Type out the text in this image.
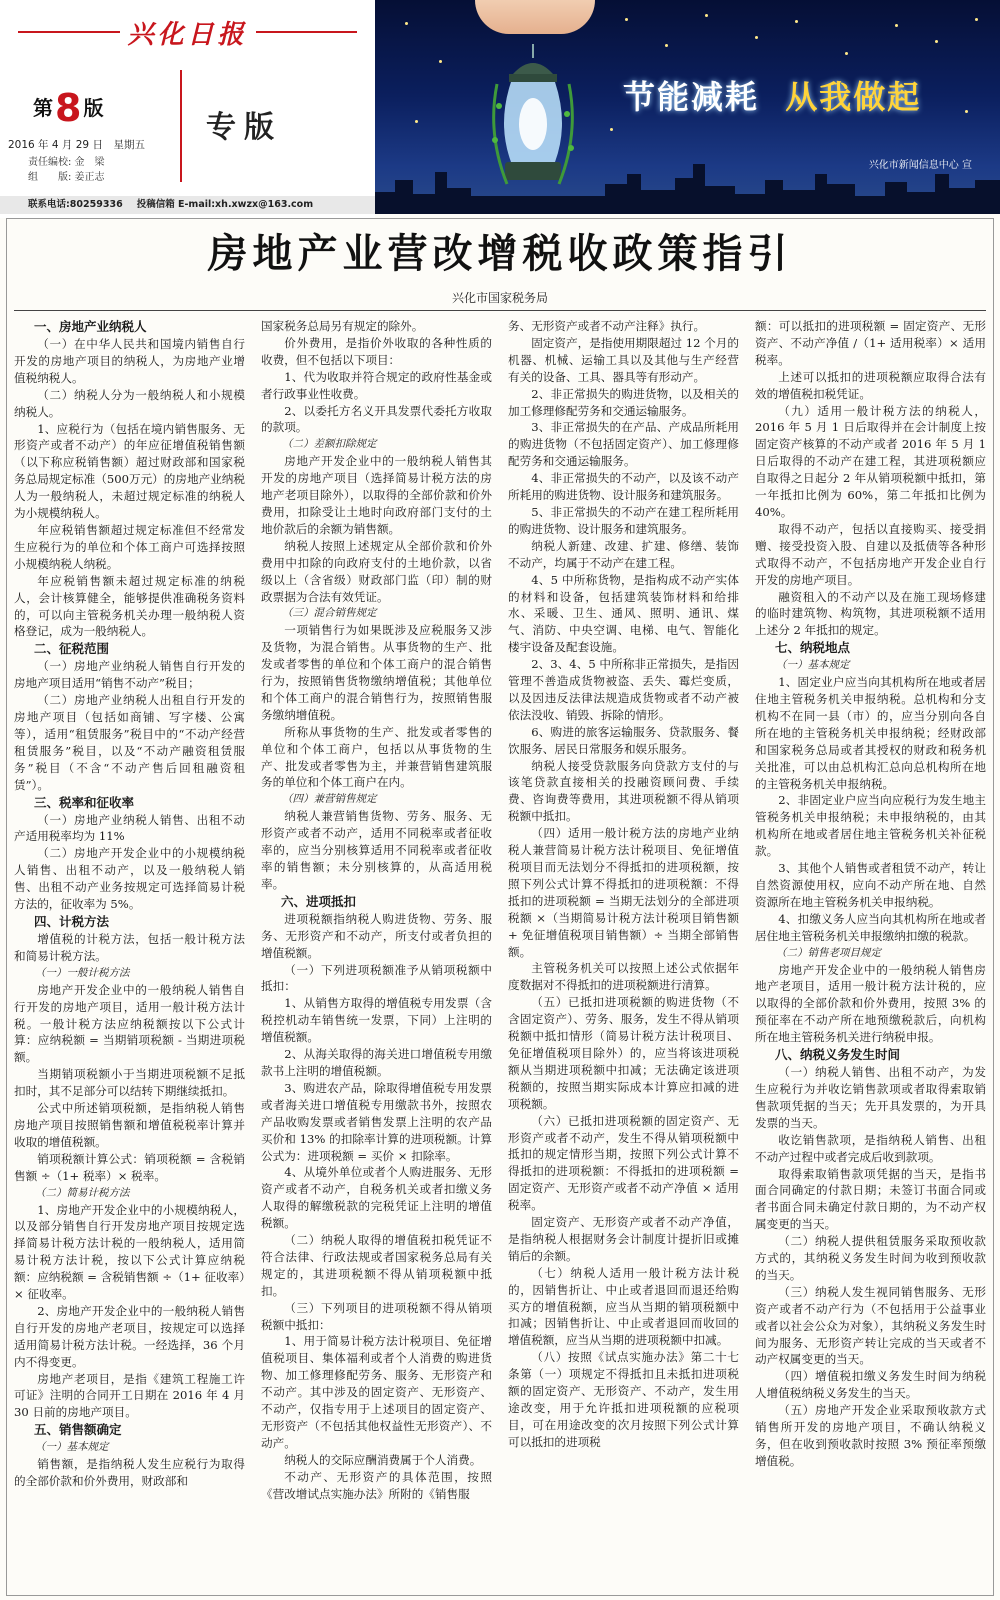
兴化日报
第8 版
专版
2016 年 4 月 29 日　星期五
责任编校: 金　梁
组　　版: 姜正志
联系电话:80259336 投稿信箱 E-mail:xh.xwzx@163.com
节能减耗 从我做起
兴化市新闻信息中心 宣
房地产业营改增税收政策指引
兴化市国家税务局
一、房地产业纳税人

（一）在中华人民共和国境内销售自行开发的房地产项目的纳税人，为房地产业增值税纳税人。

（二）纳税人分为一般纳税人和小规模纳税人。

1、应税行为（包括在境内销售服务、无形资产或者不动产）的年应征增值税销售额（以下称应税销售额）超过财政部和国家税务总局规定标准（500万元）的房地产业纳税人为一般纳税人，未超过规定标准的纳税人为小规模纳税人。

年应税销售额超过规定标准但不经常发生应税行为的单位和个体工商户可选择按照小规模纳税人纳税。

年应税销售额未超过规定标准的纳税人，会计核算健全，能够提供准确税务资料的，可以向主管税务机关办理一般纳税人资格登记，成为一般纳税人。

二、征税范围

（一）房地产业纳税人销售自行开发的房地产项目适用“销售不动产”税目；

（二）房地产业纳税人出租自行开发的房地产项目（包括如商铺、写字楼、公寓等），适用“租赁服务”税目中的“不动产经营租赁服务”税目，以及“不动产融资租赁服务”税目（不含“不动产售后回租融资租赁”）。

三、税率和征收率

（一）房地产业纳税人销售、出租不动产适用税率均为 11%

（二）房地产开发企业中的小规模纳税人销售、出租不动产，以及一般纳税人销售、出租不动产业务按规定可选择简易计税方法的，征收率为 5%。

四、计税方法

增值税的计税方法，包括一般计税方法和简易计税方法。

（一）一般计税方法

房地产开发企业中的一般纳税人销售自行开发的房地产项目，适用一般计税方法计税。一般计税方法应纳税额按以下公式计算：应纳税额 = 当期销项税额 - 当期进项税额。

当期销项税额小于当期进项税额不足抵扣时，其不足部分可以结转下期继续抵扣。

公式中所述销项税额，是指纳税人销售房地产项目按照销售额和增值税税率计算并收取的增值税额。

销项税额计算公式：销项税额 = 含税销售额 ÷（1+ 税率）× 税率。

（二）简易计税方法

1、房地产开发企业中的小规模纳税人，以及部分销售自行开发房地产项目按规定选择简易计税方法计税的一般纳税人，适用简易计税方法计税，按以下公式计算应纳税额：应纳税额 = 含税销售额 ÷（1+ 征收率）× 征收率。

2、房地产开发企业中的一般纳税人销售自行开发的房地产老项目，按规定可以选择适用简易计税方法计税。一经选择，36 个月内不得变更。

房地产老项目，是指《建筑工程施工许可证》注明的合同开工日期在 2016 年 4 月 30 日前的房地产项目。

五、销售额确定
（一）基本规定

销售额，是指纳税人发生应税行为取得的全部价款和价外费用，财政部和

国家税务总局另有规定的除外。

价外费用，是指价外收取的各种性质的收费，但不包括以下项目：

1、代为收取并符合规定的政府性基金或者行政事业性收费。

2、以委托方名义开具发票代委托方收取的款项。

（二）差额扣除规定

房地产开发企业中的一般纳税人销售其开发的房地产项目（选择简易计税方法的房地产老项目除外），以取得的全部价款和价外费用，扣除受让土地时向政府部门支付的土地价款后的余额为销售额。

纳税人按照上述规定从全部价款和价外费用中扣除的向政府支付的土地价款，以省级以上（含省级）财政部门监（印）制的财政票据为合法有效凭证。

（三）混合销售规定

一项销售行为如果既涉及应税服务又涉及货物，为混合销售。从事货物的生产、批发或者零售的单位和个体工商户的混合销售行为，按照销售货物缴纳增值税；其他单位和个体工商户的混合销售行为，按照销售服务缴纳增值税。

所称从事货物的生产、批发或者零售的单位和个体工商户，包括以从事货物的生产、批发或者零售为主，并兼营销售建筑服务的单位和个体工商户在内。

（四）兼营销售规定

纳税人兼营销售货物、劳务、服务、无形资产或者不动产，适用不同税率或者征收率的，应当分别核算适用不同税率或者征收率的销售额；未分别核算的，从高适用税率。

六、进项抵扣

进项税额指纳税人购进货物、劳务、服务、无形资产和不动产，所支付或者负担的增值税额。

（一）下列进项税额准予从销项税额中抵扣：

1、从销售方取得的增值税专用发票（含税控机动车销售统一发票，下同）上注明的增值税额。

2、从海关取得的海关进口增值税专用缴款书上注明的增值税额。

3、购进农产品，除取得增值税专用发票或者海关进口增值税专用缴款书外，按照农产品收购发票或者销售发票上注明的农产品买价和 13% 的扣除率计算的进项税额。计算公式为：进项税额 = 买价 × 扣除率。

4、从境外单位或者个人购进服务、无形资产或者不动产，自税务机关或者扣缴义务人取得的解缴税款的完税凭证上注明的增值税额。

（二）纳税人取得的增值税扣税凭证不符合法律、行政法规或者国家税务总局有关规定的，其进项税额不得从销项税额中抵扣。

（三）下列项目的进项税额不得从销项税额中抵扣：

1、用于简易计税方法计税项目、免征增值税项目、集体福利或者个人消费的购进货物、加工修理修配劳务、服务、无形资产和不动产。其中涉及的固定资产、无形资产、不动产，仅指专用于上述项目的固定资产、无形资产（不包括其他权益性无形资产）、不动产。

纳税人的交际应酬消费属于个人消费。

不动产、无形资产的具体范围，按照《营改增试点实施办法》所附的《销售服

务、无形资产或者不动产注释》执行。

固定资产，是指使用期限超过 12 个月的机器、机械、运输工具以及其他与生产经营有关的设备、工具、器具等有形动产。

2、非正常损失的购进货物，以及相关的加工修理修配劳务和交通运输服务。

3、非正常损失的在产品、产成品所耗用的购进货物（不包括固定资产）、加工修理修配劳务和交通运输服务。

4、非正常损失的不动产，以及该不动产所耗用的购进货物、设计服务和建筑服务。

5、非正常损失的不动产在建工程所耗用的购进货物、设计服务和建筑服务。

纳税人新建、改建、扩建、修缮、装饰不动产，均属于不动产在建工程。

4、5 中所称货物，是指构成不动产实体的材料和设备，包括建筑装饰材料和给排水、采暖、卫生、通风、照明、通讯、煤气、消防、中央空调、电梯、电气、智能化楼宇设备及配套设施。

2、3、4、5 中所称非正常损失，是指因管理不善造成货物被盗、丢失、霉烂变质，以及因违反法律法规造成货物或者不动产被依法没收、销毁、拆除的情形。

6、购进的旅客运输服务、贷款服务、餐饮服务、居民日常服务和娱乐服务。

纳税人接受贷款服务向贷款方支付的与该笔贷款直接相关的投融资顾问费、手续费、咨询费等费用，其进项税额不得从销项税额中抵扣。

（四）适用一般计税方法的房地产业纳税人兼营简易计税方法计税项目、免征增值税项目而无法划分不得抵扣的进项税额，按照下列公式计算不得抵扣的进项税额：不得抵扣的进项税额 = 当期无法划分的全部进项税额 ×（当期简易计税方法计税项目销售额 + 免征增值税项目销售额）÷ 当期全部销售额。

主管税务机关可以按照上述公式依据年度数据对不得抵扣的进项税额进行清算。

（五）已抵扣进项税额的购进货物（不含固定资产）、劳务、服务，发生不得从销项税额中抵扣情形（简易计税方法计税项目、免征增值税项目除外）的，应当将该进项税额从当期进项税额中扣减；无法确定该进项税额的，按照当期实际成本计算应扣减的进项税额。

（六）已抵扣进项税额的固定资产、无形资产或者不动产，发生不得从销项税额中抵扣的规定情形当期，按照下列公式计算不得抵扣的进项税额：不得抵扣的进项税额 = 固定资产、无形资产或者不动产净值 × 适用税率。

固定资产、无形资产或者不动产净值，是指纳税人根据财务会计制度计提折旧或摊销后的余额。

（七）纳税人适用一般计税方法计税的，因销售折让、中止或者退回而退还给购买方的增值税额，应当从当期的销项税额中扣减；因销售折让、中止或者退回而收回的增值税额，应当从当期的进项税额中扣减。

（八）按照《试点实施办法》第二十七条第（一）项规定不得抵扣且未抵扣进项税额的固定资产、无形资产、不动产，发生用途改变，用于允许抵扣进项税额的应税项目，可在用途改变的次月按照下列公式计算可以抵扣的进项税

额：可以抵扣的进项税额 = 固定资产、无形资产、不动产净值 /（1+ 适用税率）× 适用税率。

上述可以抵扣的进项税额应取得合法有效的增值税扣税凭证。

（九）适用一般计税方法的纳税人，2016 年 5 月 1 日后取得并在会计制度上按固定资产核算的不动产或者 2016 年 5 月 1 日后取得的不动产在建工程，其进项税额应自取得之日起分 2 年从销项税额中抵扣，第一年抵扣比例为 60%，第二年抵扣比例为 40%。

取得不动产，包括以直接购买、接受捐赠、接受投资入股、自建以及抵债等各种形式取得不动产，不包括房地产开发企业自行开发的房地产项目。

融资租入的不动产以及在施工现场修建的临时建筑物、构筑物，其进项税额不适用上述分 2 年抵扣的规定。

七、纳税地点
（一）基本规定

1、固定业户应当向其机构所在地或者居住地主管税务机关申报纳税。总机构和分支机构不在同一县（市）的，应当分别向各自所在地的主管税务机关申报纳税；经财政部和国家税务总局或者其授权的财政和税务机关批准，可以由总机构汇总向总机构所在地的主管税务机关申报纳税。

2、非固定业户应当向应税行为发生地主管税务机关申报纳税；未申报纳税的，由其机构所在地或者居住地主管税务机关补征税款。

3、其他个人销售或者租赁不动产，转让自然资源使用权，应向不动产所在地、自然资源所在地主管税务机关申报纳税。

4、扣缴义务人应当向其机构所在地或者居住地主管税务机关申报缴纳扣缴的税款。

（二）销售老项目规定

房地产开发企业中的一般纳税人销售房地产老项目，适用一般计税方法计税的，应以取得的全部价款和价外费用，按照 3% 的预征率在不动产所在地预缴税款后，向机构所在地主管税务机关进行纳税申报。

八、纳税义务发生时间

（一）纳税人销售、出租不动产，为发生应税行为并收讫销售款项或者取得索取销售款项凭据的当天；先开具发票的，为开具发票的当天。

收讫销售款项，是指纳税人销售、出租不动产过程中或者完成后收到款项。

取得索取销售款项凭据的当天，是指书面合同确定的付款日期；未签订书面合同或者书面合同未确定付款日期的，为不动产权属变更的当天。

（二）纳税人提供租赁服务采取预收款方式的，其纳税义务发生时间为收到预收款的当天。

（三）纳税人发生视同销售服务、无形资产或者不动产行为（不包括用于公益事业或者以社会公众为对象），其纳税义务发生时间为服务、无形资产转让完成的当天或者不动产权属变更的当天。

（四）增值税扣缴义务发生时间为纳税人增值税纳税义务发生的当天。

（五）房地产开发企业采取预收款方式销售所开发的房地产项目，不确认纳税义务，但在收到预收款时按照 3% 预征率预缴增值税。
